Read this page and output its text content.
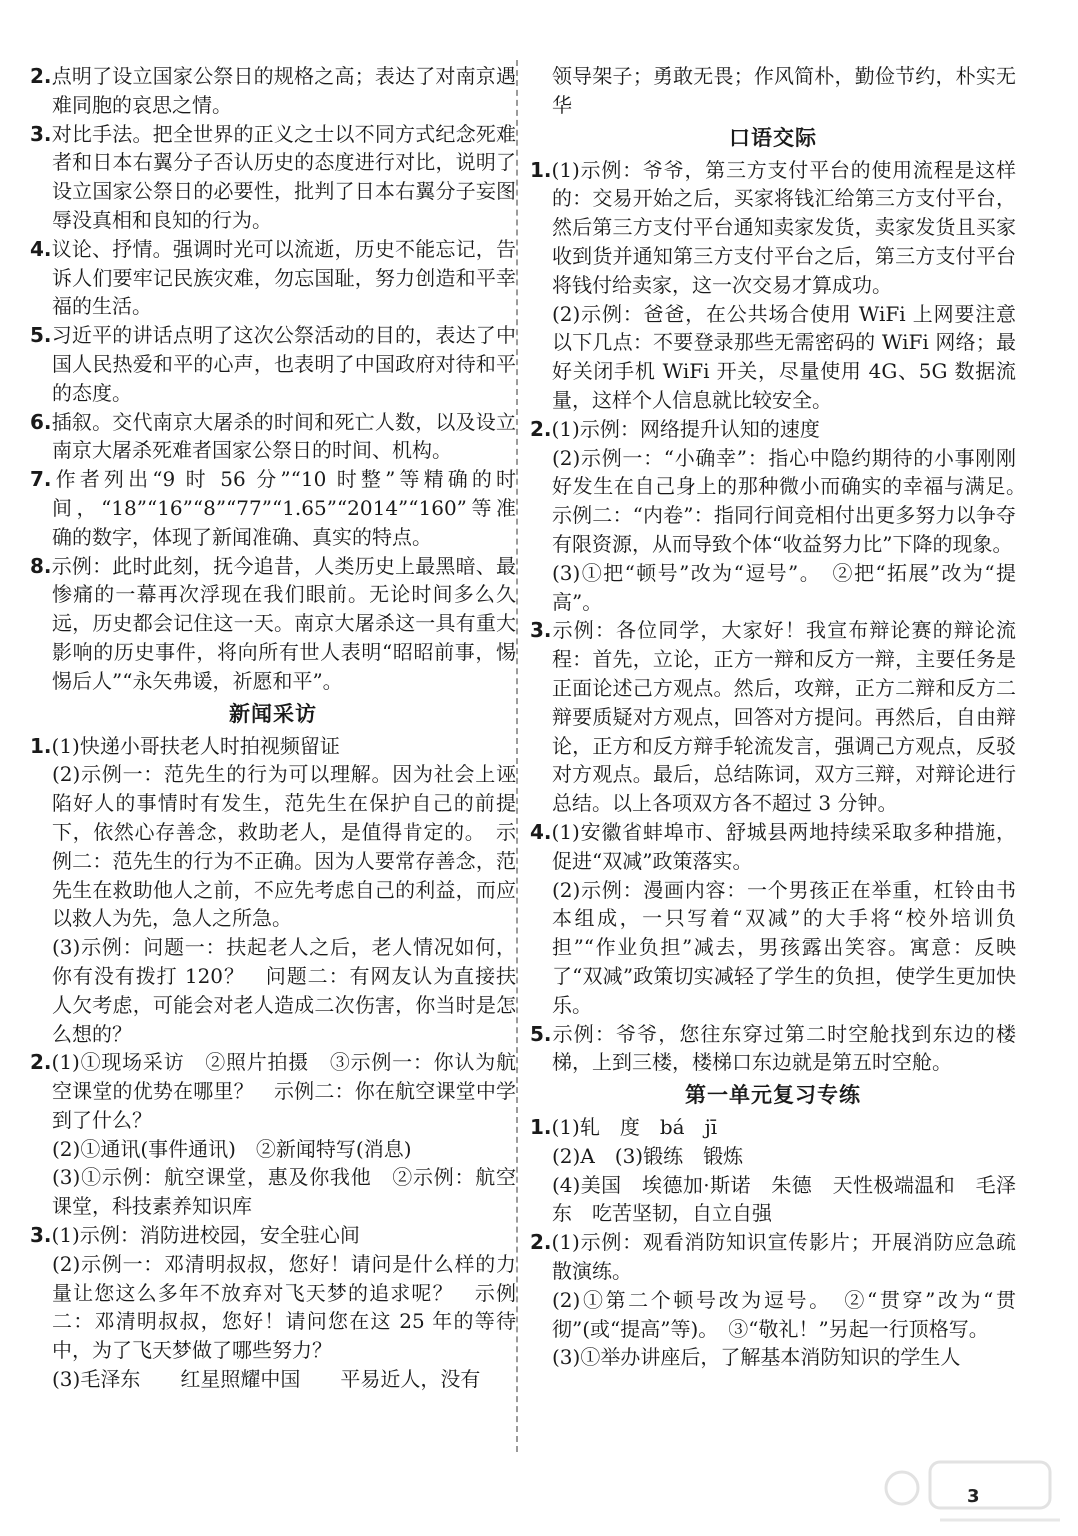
2.点明了设立国家公祭日的规格之高；表达了对南京遇难同胞的哀思之情。

3.对比手法。把全世界的正义之士以不同方式纪念死难者和日本右翼分子否认历史的态度进行对比，说明了设立国家公祭日的必要性，批判了日本右翼分子妄图辱没真相和良知的行为。

4.议论、抒情。强调时光可以流逝，历史不能忘记，告诉人们要牢记民族灾难，勿忘国耻，努力创造和平幸福的生活。

5.习近平的讲话点明了这次公祭活动的目的，表达了中国人民热爱和平的心声，也表明了中国政府对待和平的态度。

6.插叙。交代南京大屠杀的时间和死亡人数，以及设立南京大屠杀死难者国家公祭日的时间、机构。

7.作者列出“9 时 56 分”“10 时整”等精确的时间，“18”“16”“8”“77”“1.65”“2014”“160”等准确的数字，体现了新闻准确、真实的特点。

8.示例：此时此刻，抚今追昔，人类历史上最黑暗、最惨痛的一幕再次浮现在我们眼前。无论时间多么久远，历史都会记住这一天。南京大屠杀这一具有重大影响的历史事件，将向所有世人表明“昭昭前事，惕惕后人”“永矢弗谖，祈愿和平”。

新闻采访

1.(1)快递小哥扶老人时拍视频留证

(2)示例一：范先生的行为可以理解。因为社会上诬陷好人的事情时有发生，范先生在保护自己的前提下，依然心存善念，救助老人，是值得肯定的。　示例二：范先生的行为不正确。因为人要常存善念，范先生在救助他人之前，不应先考虑自己的利益，而应以救人为先，急人之所急。

(3)示例：问题一：扶起老人之后，老人情况如何，你有没有拨打 120？　问题二：有网友认为直接扶人欠考虑，可能会对老人造成二次伤害，你当时是怎么想的？

2.(1)①现场采访　②照片拍摄　③示例一：你认为航空课堂的优势在哪里？　示例二：你在航空课堂中学到了什么？

(2)①通讯(事件通讯)　②新闻特写(消息)

(3)①示例：航空课堂，惠及你我他　②示例：航空课堂，科技素养知识库

3.(1)示例：消防进校园，安全驻心间

(2)示例一：邓清明叔叔，您好！请问是什么样的力量让您这么多年不放弃对飞天梦的追求呢？　示例二：邓清明叔叔，您好！请问您在这 25 年的等待中，为了飞天梦做了哪些努力？

(3)毛泽东　　红星照耀中国　　平易近人，没有

领导架子；勇敢无畏；作风简朴，勤俭节约，朴实无华

口语交际

1.(1)示例：爷爷，第三方支付平台的使用流程是这样的：交易开始之后，买家将钱汇给第三方支付平台，然后第三方支付平台通知卖家发货，卖家发货且买家收到货并通知第三方支付平台之后，第三方支付平台将钱付给卖家，这一次交易才算成功。

(2)示例：爸爸，在公共场合使用 WiFi 上网要注意以下几点：不要登录那些无需密码的 WiFi 网络；最好关闭手机 WiFi 开关，尽量使用 4G、5G 数据流量，这样个人信息就比较安全。

2.(1)示例：网络提升认知的速度

(2)示例一：“小确幸”：指心中隐约期待的小事刚刚好发生在自己身上的那种微小而确实的幸福与满足。　示例二：“内卷”：指同行间竞相付出更多努力以争夺有限资源，从而导致个体“收益努力比”下降的现象。

(3)①把“顿号”改为“逗号”。　②把“拓展”改为“提高”。

3.示例：各位同学，大家好！我宣布辩论赛的辩论流程：首先，立论，正方一辩和反方一辩，主要任务是正面论述己方观点。然后，攻辩，正方二辩和反方二辩要质疑对方观点，回答对方提问。再然后，自由辩论，正方和反方辩手轮流发言，强调己方观点，反驳对方观点。最后，总结陈词，双方三辩，对辩论进行总结。以上各项双方各不超过 3 分钟。

4.(1)安徽省蚌埠市、舒城县两地持续采取多种措施，促进“双减”政策落实。

(2)示例：漫画内容：一个男孩正在举重，杠铃由书本组成，一只写着“双减”的大手将“校外培训负担”“作业负担”减去，男孩露出笑容。寓意：反映了“双减”政策切实减轻了学生的负担，使学生更加快乐。

5.示例：爷爷，您往东穿过第二时空舱找到东边的楼梯，上到三楼，楼梯口东边就是第五时空舱。

第一单元复习专练

1.(1)轧　度　bá　jī

(2)A　(3)锻练　锻炼

(4)美国　埃德加·斯诺　朱德　天性极端温和　毛泽东　吃苦坚韧，自立自强

2.(1)示例：观看消防知识宣传影片；开展消防应急疏散演练。

(2)①第二个顿号改为逗号。　②“贯穿”改为“贯彻”(或“提高”等)。　③“敬礼！”另起一行顶格写。

(3)①举办讲座后，了解基本消防知识的学生人

3
